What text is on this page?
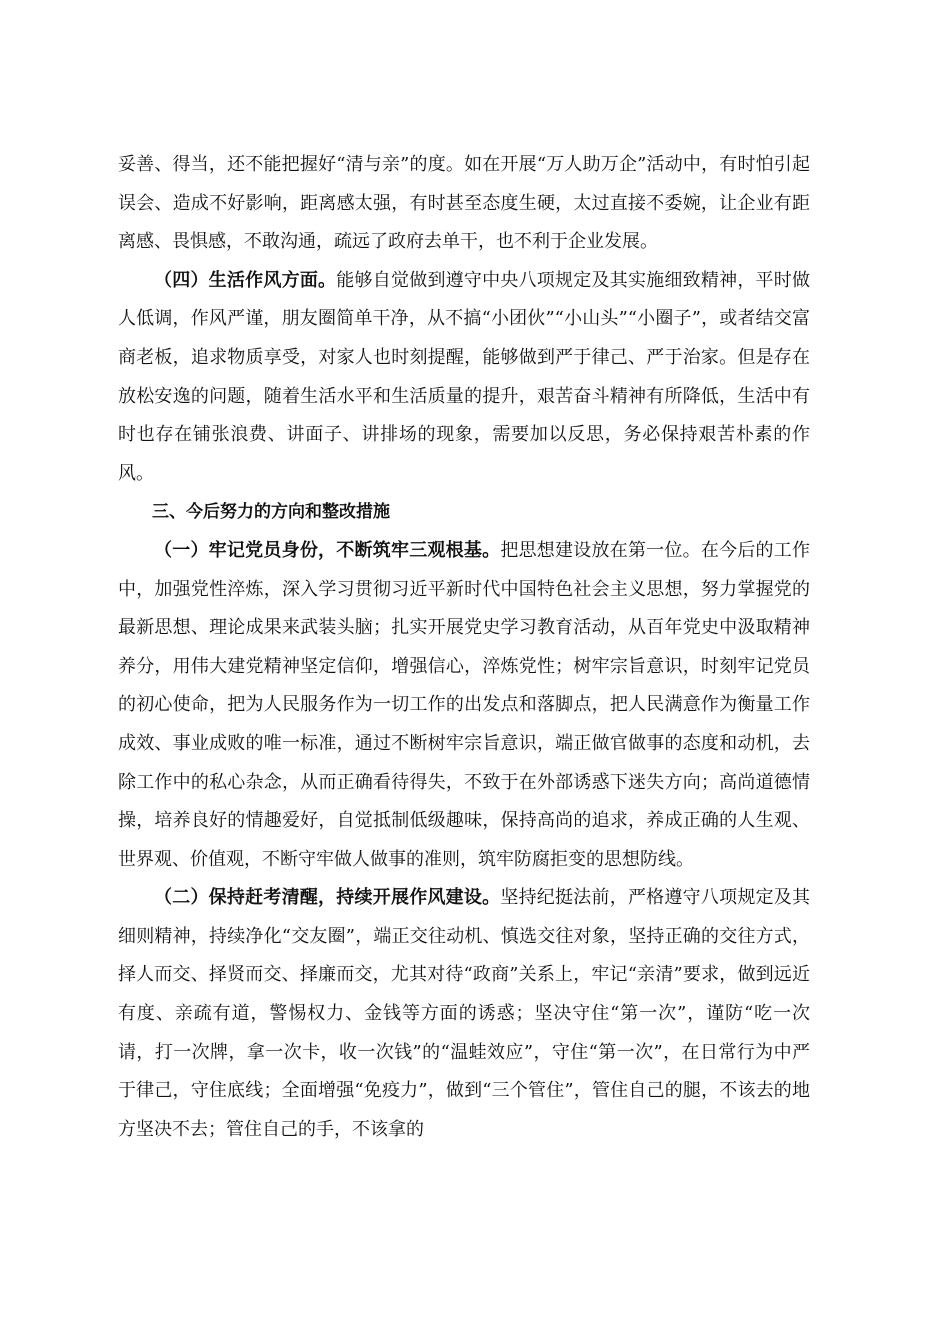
妥善、得当，还不能把握好“清与亲”的度。如在开展“万人助万企”活动中，有时怕引起误会、造成不好影响，距离感太强，有时甚至态度生硬，太过直接不委婉，让企业有距离感、畏惧感，不敢沟通，疏远了政府去单干，也不利于企业发展。

（四）生活作风方面。能够自觉做到遵守中央八项规定及其实施细致精神，平时做人低调，作风严谨，朋友圈简单干净，从不搞“小团伙”“小山头”“小圈子”，或者结交富商老板，追求物质享受，对家人也时刻提醒，能够做到严于律己、严于治家。但是存在放松安逸的问题，随着生活水平和生活质量的提升，艰苦奋斗精神有所降低，生活中有时也存在铺张浪费、讲面子、讲排场的现象，需要加以反思，务必保持艰苦朴素的作风。

三、今后努力的方向和整改措施

（一）牢记党员身份，不断筑牢三观根基。把思想建设放在第一位。在今后的工作中，加强党性淬炼，深入学习贯彻习近平新时代中国特色社会主义思想，努力掌握党的最新思想、理论成果来武装头脑；扎实开展党史学习教育活动，从百年党史中汲取精神养分，用伟大建党精神坚定信仰，增强信心，淬炼党性；树牢宗旨意识，时刻牢记党员的初心使命，把为人民服务作为一切工作的出发点和落脚点，把人民满意作为衡量工作成效、事业成败的唯一标准，通过不断树牢宗旨意识，端正做官做事的态度和动机，去除工作中的私心杂念，从而正确看待得失，不致于在外部诱惑下迷失方向；高尚道德情操，培养良好的情趣爱好，自觉抵制低级趣味，保持高尚的追求，养成正确的人生观、世界观、价值观，不断守牢做人做事的准则，筑牢防腐拒变的思想防线。

（二）保持赶考清醒，持续开展作风建设。坚持纪挺法前，严格遵守八项规定及其细则精神，持续净化“交友圈”，端正交往动机、慎选交往对象，坚持正确的交往方式，择人而交、择贤而交、择廉而交，尤其对待“政商”关系上，牢记“亲清”要求，做到远近有度、亲疏有道，警惕权力、金钱等方面的诱惑；坚决守住“第一次”，谨防“吃一次请，打一次牌，拿一次卡，收一次钱”的“温蛙效应”，守住“第一次”，在日常行为中严于律己，守住底线；全面增强“免疫力”，做到“三个管住”，管住自己的腿，不该去的地方坚决不去；管住自己的手，不该拿的
